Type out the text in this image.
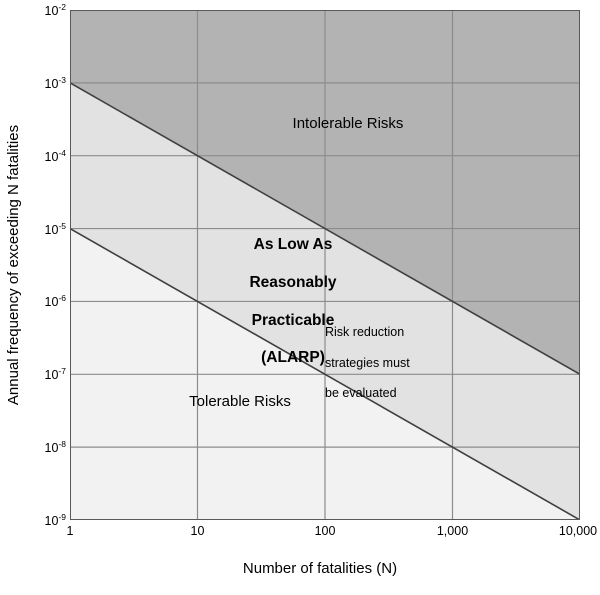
Annual frequency of exceeding N fatalities
$10^{-2}$
$10^{-3}$
$10^{-4}$
$10^{-5}$
$10^{-6}$
$10^{-7}$
$10^{-8}$
$10^{-9}$
1	10	100	1,000	10,000
Intolerable Risks

As Low As

Reasonably

Practicable

(ALARP)

Tolerable Risks

Risk reduction

strategies must

be evaluated

Number of fatalities (N)
